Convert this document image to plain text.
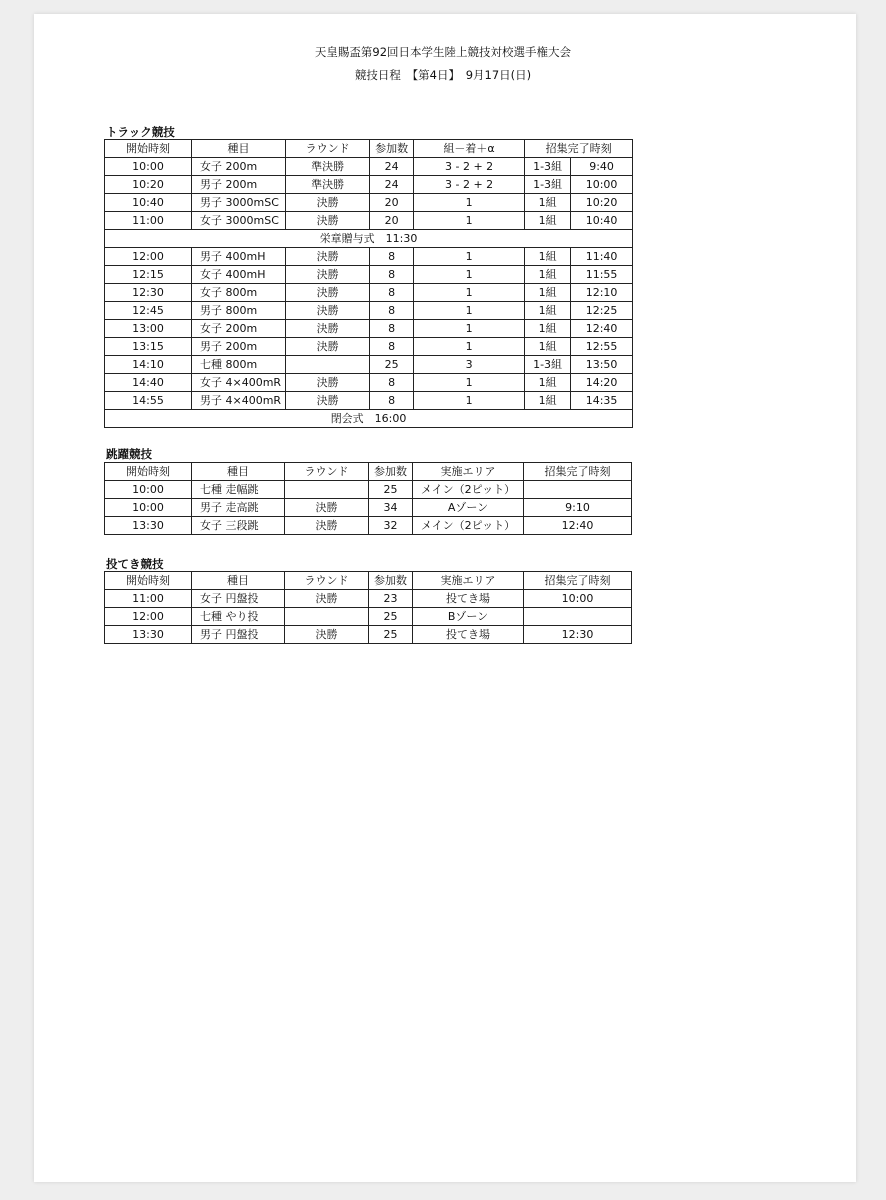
天皇賜盃第92回日本学生陸上競技対校選手権大会
競技日程　【第4日】　9月17日(日)
トラック競技
開始時刻	種目	ラウンド	参加数	組－着＋α	招集完了時刻	
10:00	女子 200m	準決勝	24	3 - 2 + 2	1-3組	9:40
10:20	男子 200m	準決勝	24	3 - 2 + 2	1-3組	10:00
10:40	男子 3000mSC	決勝	20	1	1組	10:20
11:00	女子 3000mSC	決勝	20	1	1組	10:40
栄章贈与式　11:30						
12:00	男子 400mH	決勝	8	1	1組	11:40
12:15	女子 400mH	決勝	8	1	1組	11:55
12:30	女子 800m	決勝	8	1	1組	12:10
12:45	男子 800m	決勝	8	1	1組	12:25
13:00	女子 200m	決勝	8	1	1組	12:40
13:15	男子 200m	決勝	8	1	1組	12:55
14:10	七種 800m		25	3	1-3組	13:50
14:40	女子 4×400mR	決勝	8	1	1組	14:20
14:55	男子 4×400mR	決勝	8	1	1組	14:35
閉会式　16:00						
跳躍競技
開始時刻	種目	ラウンド	参加数	実施エリア	招集完了時刻
10:00	七種 走幅跳		25	メイン（2ピット）	
10:00	男子 走高跳	決勝	34	Aゾーン	9:10
13:30	女子 三段跳	決勝	32	メイン（2ピット）	12:40
投てき競技
開始時刻	種目	ラウンド	参加数	実施エリア	招集完了時刻
11:00	女子 円盤投	決勝	23	投てき場	10:00
12:00	七種 やり投		25	Bゾーン	
13:30	男子 円盤投	決勝	25	投てき場	12:30
